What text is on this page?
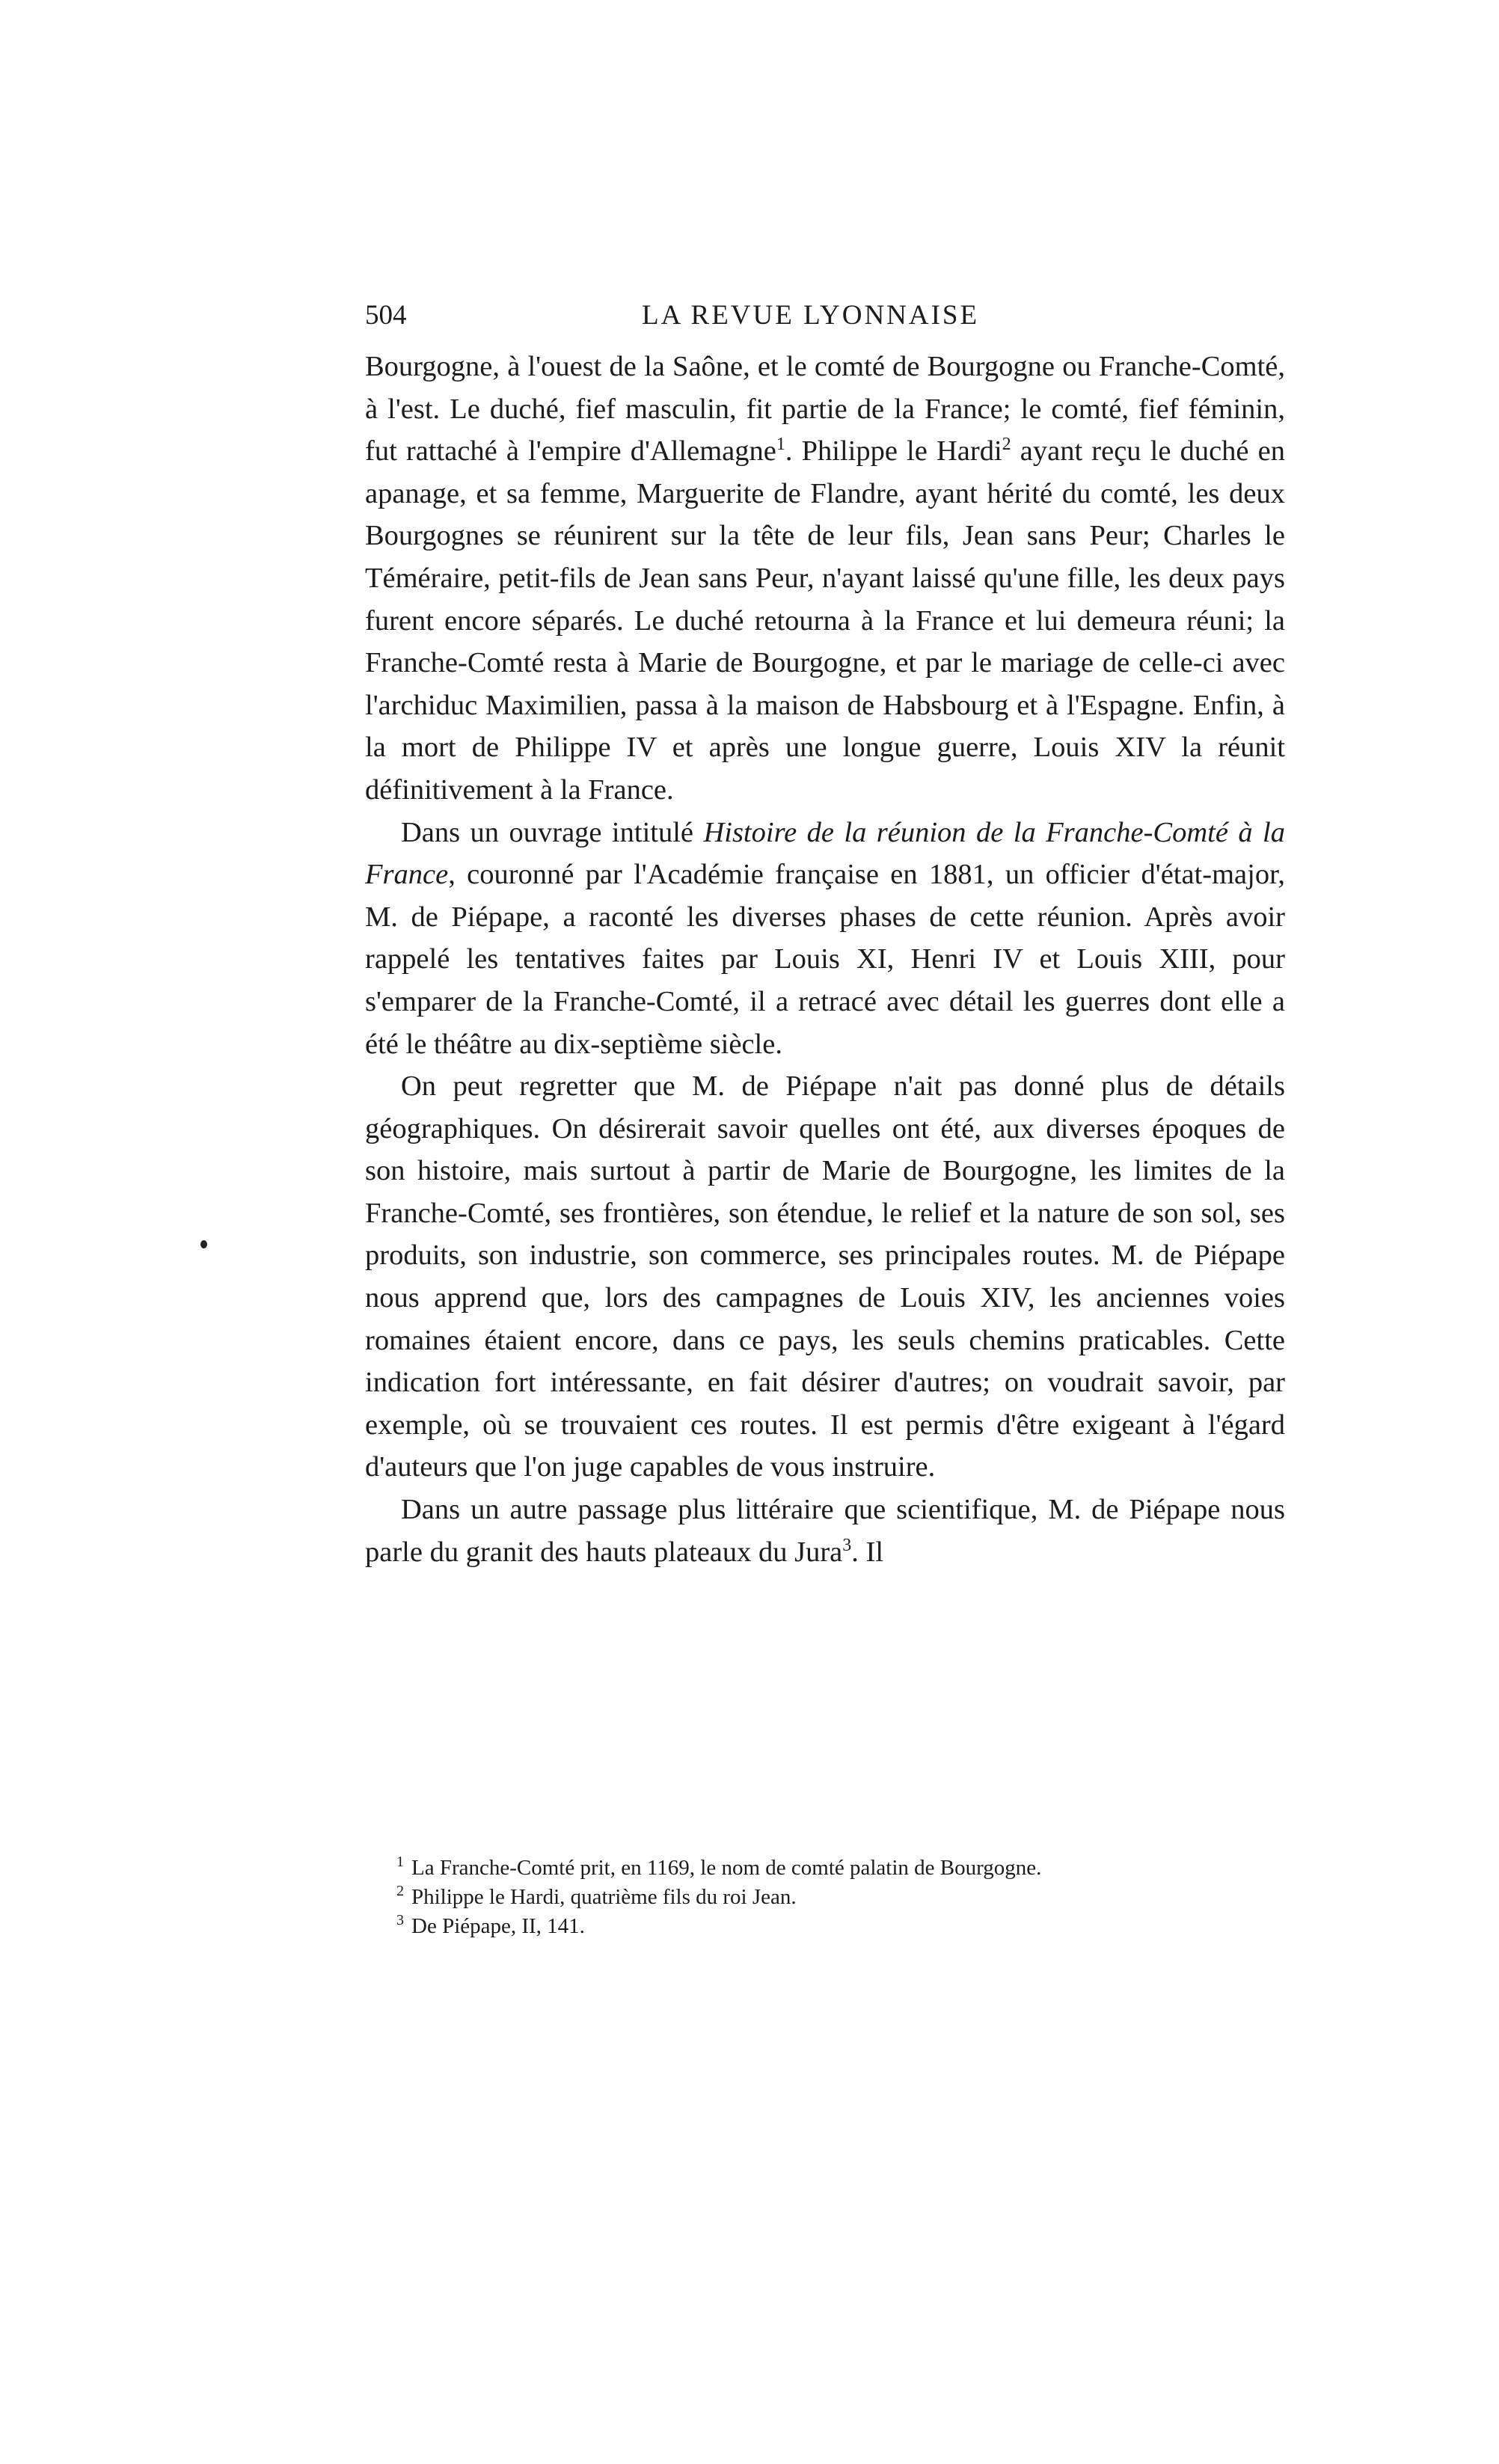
504	LA REVUE LYONNAISE

Bourgogne, à l'ouest de la Saône, et le comté de Bourgogne ou Franche-Comté, à l'est. Le duché, fief masculin, fit partie de la France; le comté, fief féminin, fut rattaché à l'empire d'Allemagne$^1$. Philippe le Hardi$^2$ ayant reçu le duché en apanage, et sa femme, Marguerite de Flandre, ayant hérité du comté, les deux Bourgognes se réunirent sur la tête de leur fils, Jean sans Peur; Charles le Téméraire, petit-fils de Jean sans Peur, n'ayant laissé qu'une fille, les deux pays furent encore séparés. Le duché retourna à la France et lui demeura réuni; la Franche-Comté resta à Marie de Bourgogne, et par le mariage de celle-ci avec l'archiduc Maximilien, passa à la maison de Habsbourg et à l'Espagne. Enfin, à la mort de Philippe IV et après une longue guerre, Louis XIV la réunit définitivement à la France.

Dans un ouvrage intitulé Histoire de la réunion de la Franche-Comté à la France, couronné par l'Académie française en 1881, un officier d'état-major, M. de Piépape, a raconté les diverses phases de cette réunion. Après avoir rappelé les tentatives faites par Louis XI, Henri IV et Louis XIII, pour s'emparer de la Franche-Comté, il a retracé avec détail les guerres dont elle a été le théâtre au dix-septième siècle.

On peut regretter que M. de Piépape n'ait pas donné plus de détails géographiques. On désirerait savoir quelles ont été, aux diverses époques de son histoire, mais surtout à partir de Marie de Bourgogne, les limites de la Franche-Comté, ses frontières, son étendue, le relief et la nature de son sol, ses produits, son industrie, son commerce, ses principales routes. M. de Piépape nous apprend que, lors des campagnes de Louis XIV, les anciennes voies romaines étaient encore, dans ce pays, les seuls chemins praticables. Cette indication fort intéressante, en fait désirer d'autres; on voudrait savoir, par exemple, où se trouvaient ces routes. Il est permis d'être exigeant à l'égard d'auteurs que l'on juge capables de vous instruire.

Dans un autre passage plus littéraire que scientifique, M. de Piépape nous parle du granit des hauts plateaux du Jura$^3$. Il

$^1$ La Franche-Comté prit, en 1169, le nom de comté palatin de Bourgogne.
$^2$ Philippe le Hardi, quatrième fils du roi Jean.
$^3$ De Piépape, II, 141.
